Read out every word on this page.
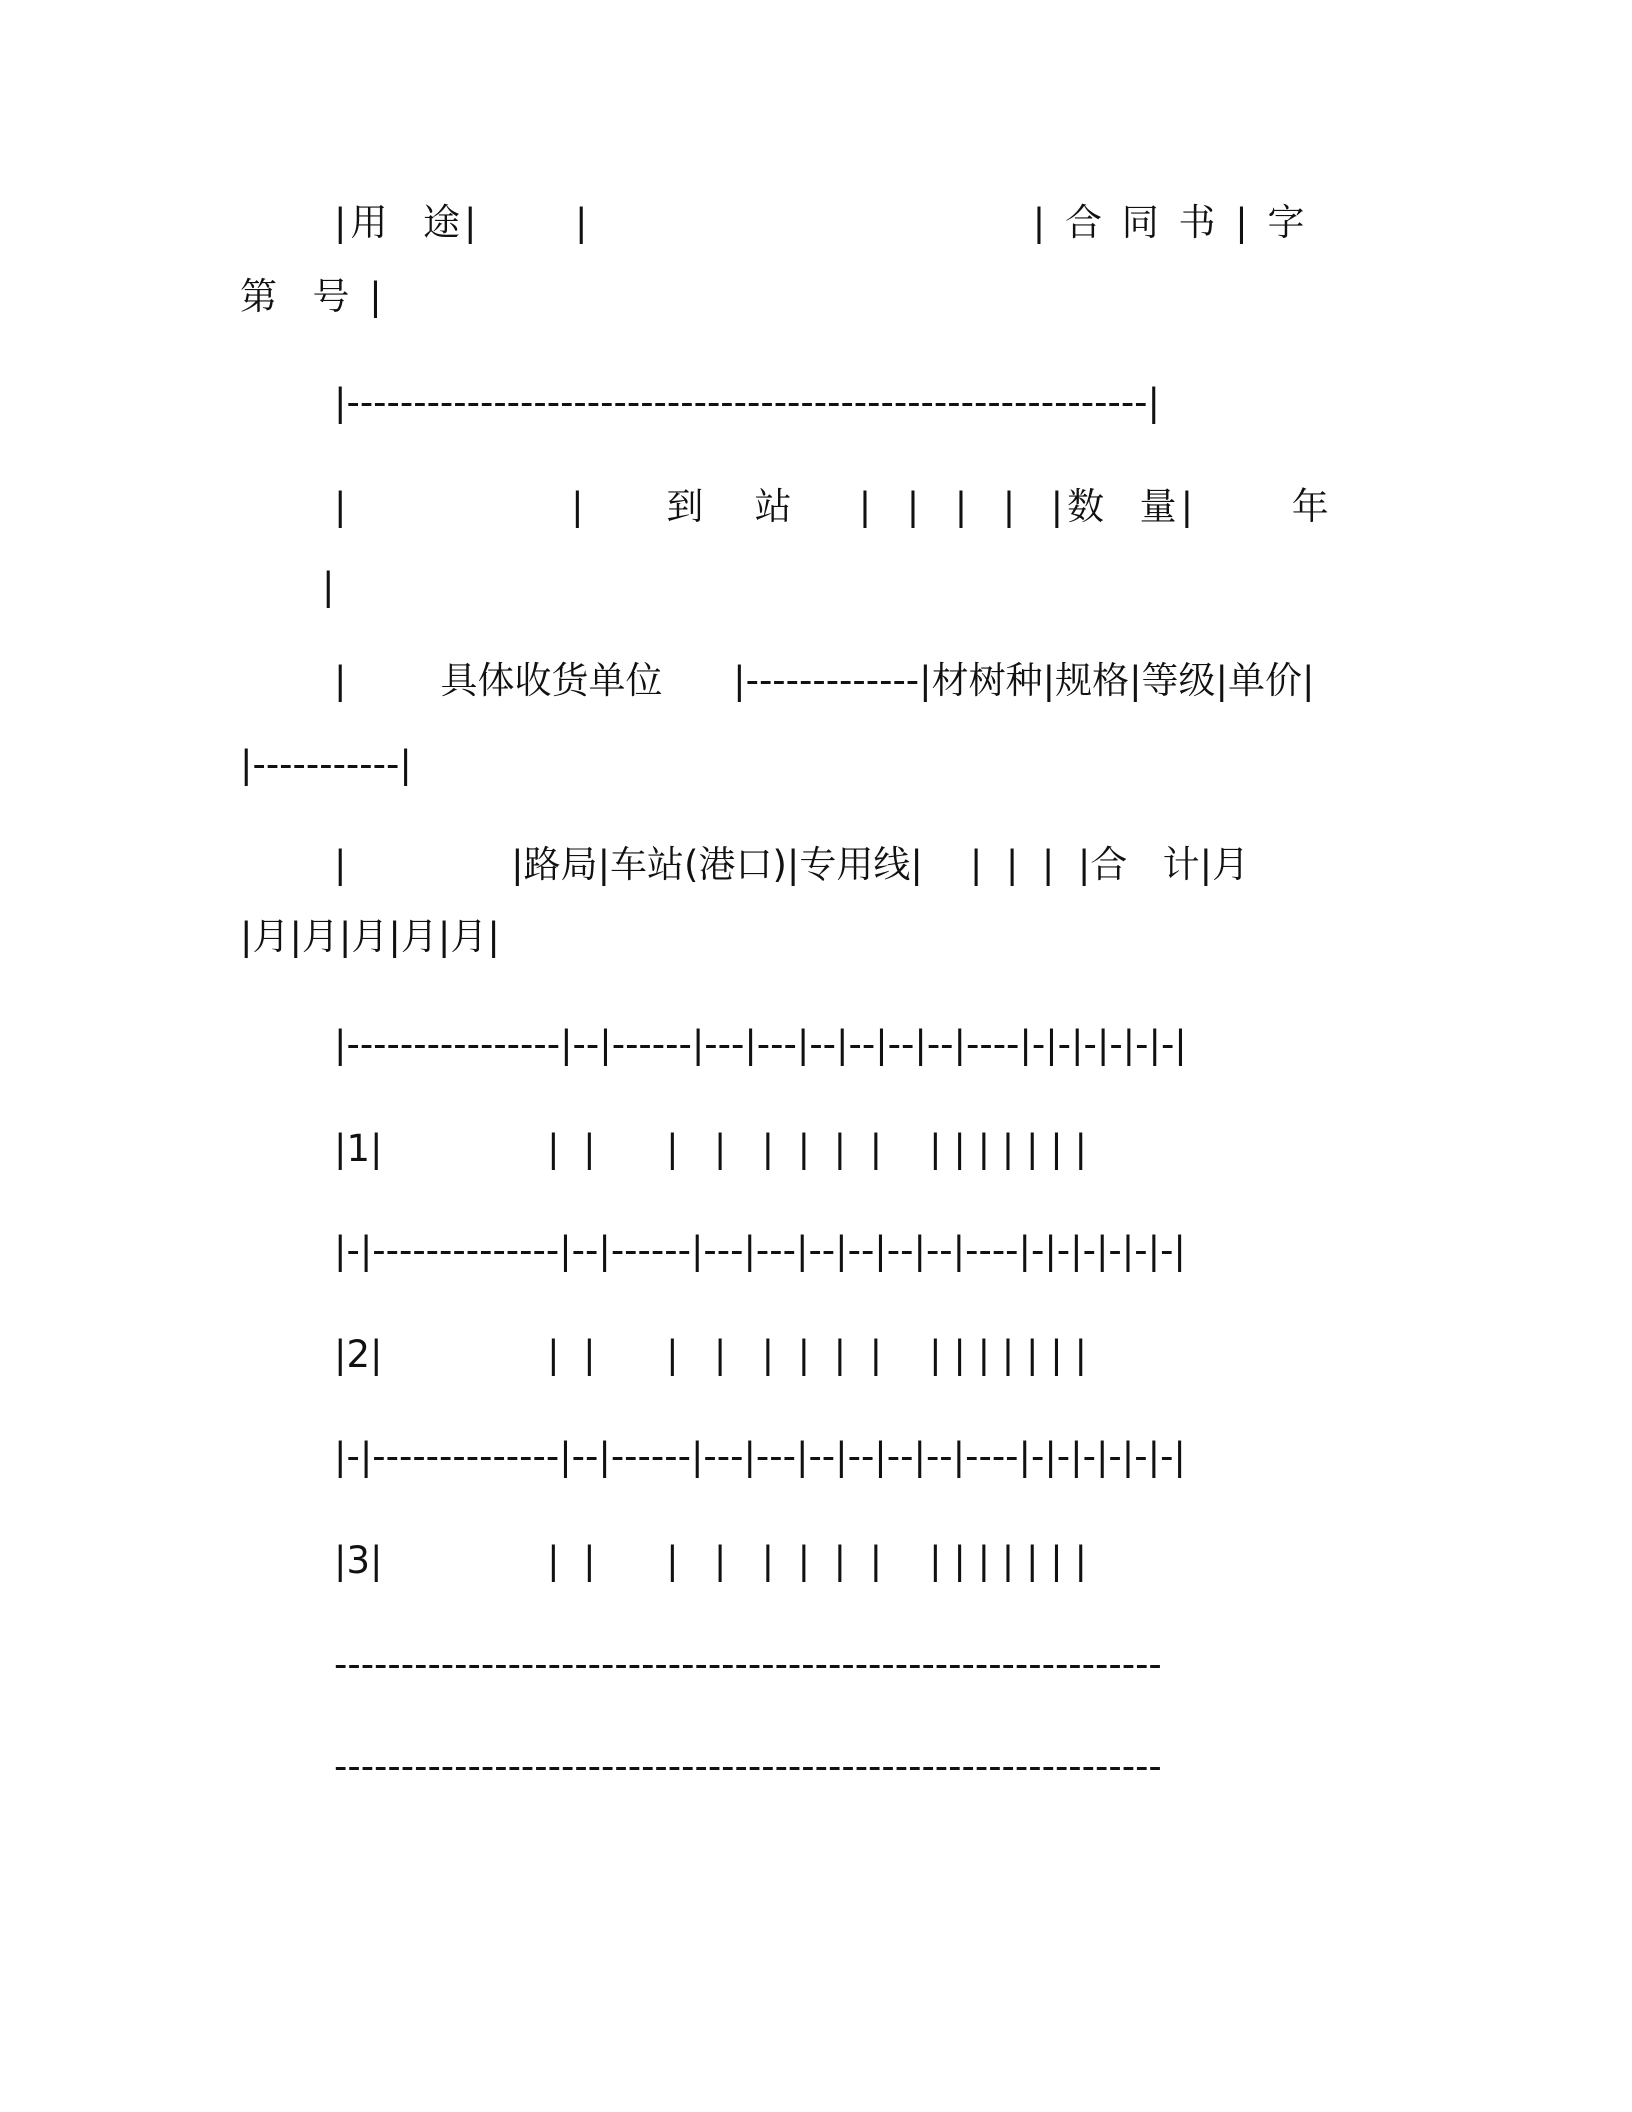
|用  途|      |                            | 合 同 书 | 字

第  号 |

|------------------------------------------------------------|

|              |     到   站    |  |  |  |  |数  量|      年

|

|        具体收货单位      |-------------|材树种|规格|等级|单价|

|-----------|

|              |路局|车站(港口)|专用线|    |  |  |  |合   计|月

|月|月|月|月|月|

|----------------|--|------|---|---|--|--|--|--|----|-|-|-|-|-|-|

|1|              |  |      |   |   |  |  |  |    | | | | | | |

|-|--------------|--|------|---|---|--|--|--|--|----|-|-|-|-|-|-|

|2|              |  |      |   |   |  |  |  |    | | | | | | |

|-|--------------|--|------|---|---|--|--|--|--|----|-|-|-|-|-|-|

|3|              |  |      |   |   |  |  |  |    | | | | | | |

--------------------------------------------------------------

--------------------------------------------------------------
